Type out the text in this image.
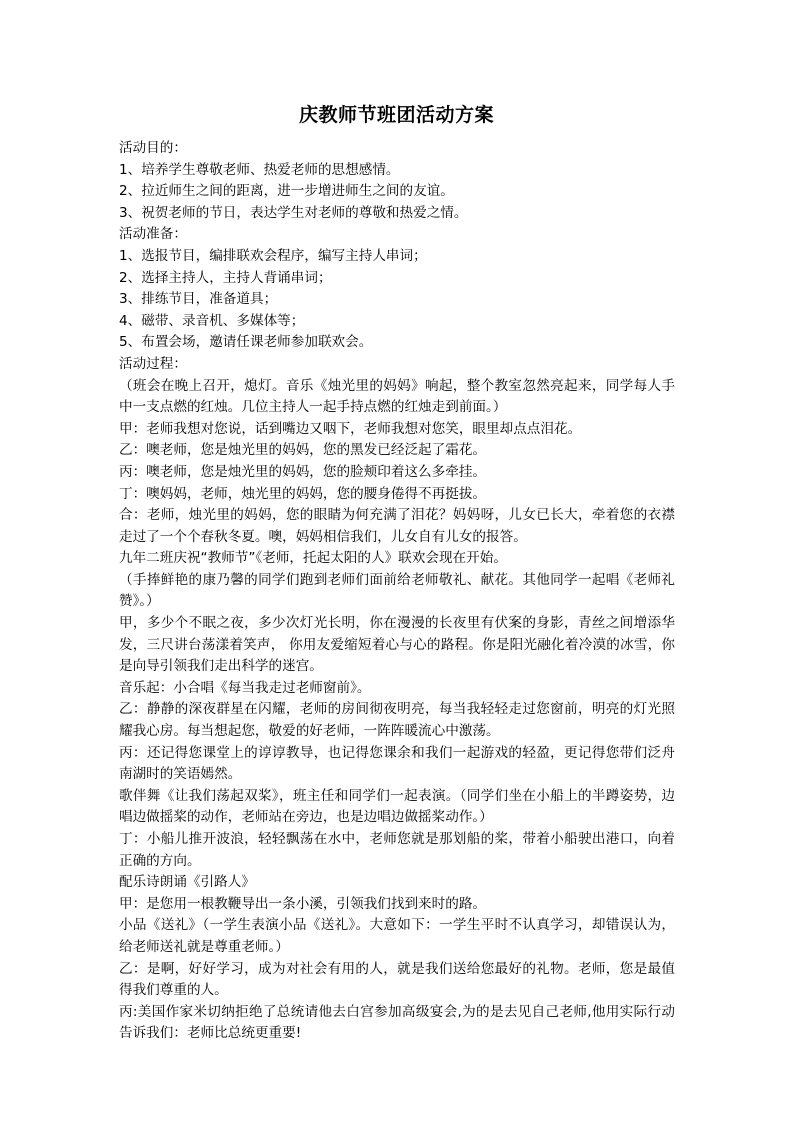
庆教师节班团活动方案
活动目的：
1、培养学生尊敬老师、热爱老师的思想感情。
2、拉近师生之间的距离，进一步增进师生之间的友谊。
3、祝贺老师的节日，表达学生对老师的尊敬和热爱之情。
活动准备：
1、选报节目，编排联欢会程序，编写主持人串词；
2、选择主持人，主持人背诵串词；
3、排练节目，准备道具；
4、磁带、录音机、多媒体等；
5、布置会场，邀请任课老师参加联欢会。
活动过程：
（班会在晚上召开，熄灯。音乐《烛光里的妈妈》响起，整个教室忽然亮起来，同学每人手中一支点燃的红烛。几位主持人一起手持点燃的红烛走到前面。）
甲：老师我想对您说，话到嘴边又咽下，老师我想对您笑，眼里却点点泪花。
乙：噢老师，您是烛光里的妈妈，您的黑发已经泛起了霜花。
丙：噢老师，您是烛光里的妈妈，您的脸颊印着这么多牵挂。
丁：噢妈妈，老师，烛光里的妈妈，您的腰身倦得不再挺拔。
合：老师，烛光里的妈妈，您的眼睛为何充满了泪花？妈妈呀，儿女已长大，牵着您的衣襟走过了一个个春秋冬夏。噢，妈妈相信我们，儿女自有儿女的报答。
九年二班庆祝“教师节”《老师，托起太阳的人》联欢会现在开始。
（手捧鲜艳的康乃馨的同学们跑到老师们面前给老师敬礼、献花。其他同学一起唱《老师礼赞》。）
甲，多少个不眠之夜，多少次灯光长明，你在漫漫的长夜里有伏案的身影，青丝之间增添华发，三尺讲台荡漾着笑声， 你用友爱缩短着心与心的路程。你是阳光融化着冷漠的冰雪，你是向导引领我们走出科学的迷宫。
音乐起：小合唱《每当我走过老师窗前》。
乙：静静的深夜群星在闪耀，老师的房间彻夜明亮，每当我轻轻走过您窗前，明亮的灯光照耀我心房。每当想起您，敬爱的好老师，一阵阵暖流心中激荡。
丙：还记得您课堂上的谆谆教导，也记得您课余和我们一起游戏的轻盈，更记得您带们泛舟南湖时的笑语嫣然。
歌伴舞《让我们荡起双桨》，班主任和同学们一起表演。（同学们坐在小船上的半蹲姿势，边唱边做摇桨的动作，老师站在旁边，也是边唱边做摇桨动作。）
丁：小船儿推开波浪，轻轻飘荡在水中，老师您就是那划船的桨，带着小船驶出港口，向着正确的方向。
配乐诗朗诵《引路人》
甲：是您用一根教鞭导出一条小溪，引领我们找到来时的路。
小品《送礼》（一学生表演小品《送礼》。大意如下：一学生平时不认真学习，却错误认为，给老师送礼就是尊重老师。）
乙：是啊，好好学习，成为对社会有用的人，就是我们送给您最好的礼物。老师，您是最值得我们尊重的人。
丙:美国作家米切纳拒绝了总统请他去白宫参加高级宴会,为的是去见自己老师,他用实际行动告诉我们：老师比总统更重要!
